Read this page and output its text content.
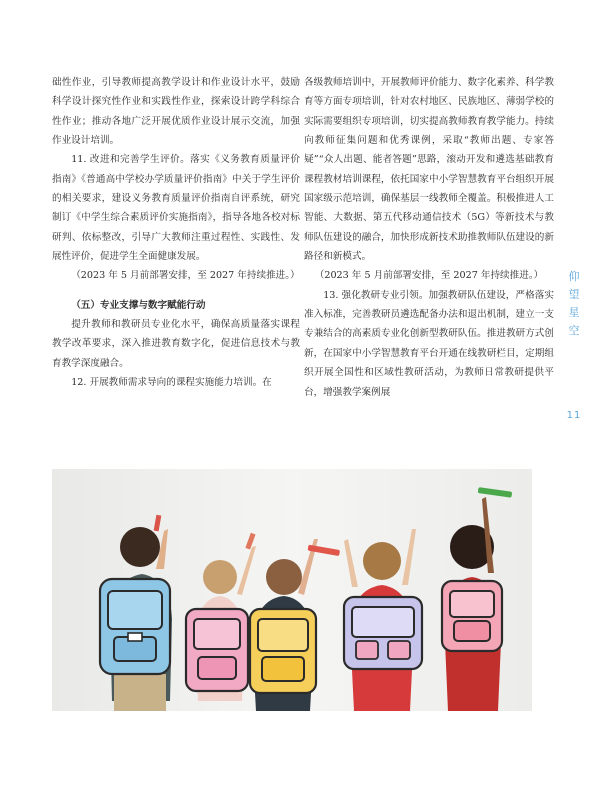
础性作业，引导教师提高教学设计和作业设计水平，鼓励科学设计探究性作业和实践性作业，探索设计跨学科综合性作业；推动各地广泛开展优质作业设计展示交流，加强作业设计培训。

11. 改进和完善学生评价。落实《义务教育质量评价指南》《普通高中学校办学质量评价指南》中关于学生评价的相关要求，建设义务教育质量评价指南自评系统，研究制订《中学生综合素质评价实施指南》，指导各地各校对标研判、依标整改，引导广大教师注重过程性、实践性、发展性评价，促进学生全面健康发展。

（2023 年 5 月前部署安排，至 2027 年持续推进。）

（五）专业支撑与数字赋能行动

提升教师和教研员专业化水平，确保高质量落实课程教学改革要求，深入推进教育数字化，促进信息技术与教育教学深度融合。

12. 开展教师需求导向的课程实施能力培训。在

各级教师培训中，开展教师评价能力、数字化素养、科学教育等方面专项培训，针对农村地区、民族地区、薄弱学校的实际需要组织专项培训，切实提高教师教育教学能力。持续向教师征集问题和优秀课例，采取“教师出题、专家答疑”“众人出题、能者答题”思路，滚动开发和遴选基础教育课程教材培训课程，依托国家中小学智慧教育平台组织开展国家级示范培训，确保基层一线教师全覆盖。积极推进人工智能、大数据、第五代移动通信技术（5G）等新技术与教师队伍建设的融合，加快形成新技术助推教师队伍建设的新路径和新模式。

（2023 年 5 月前部署安排，至 2027 年持续推进。）

13. 强化教研专业引领。加强教研队伍建设，严格落实准入标准，完善教研员遴选配备办法和退出机制，建立一支专兼结合的高素质专业化创新型教研队伍。推进教研方式创新，在国家中小学智慧教育平台开通在线教研栏目，定期组织开展全国性和区域性教研活动，为教师日常教研提供平台，增强教学案例展

仰
望
星
空
11
